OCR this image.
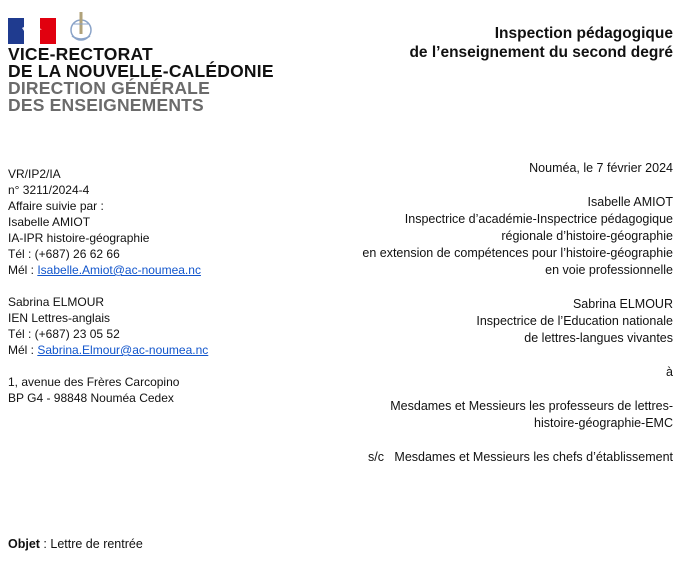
VICE-RECTORAT
DE LA NOUVELLE-CALÉDONIE
DIRECTION GÉNÉRALE
DES ENSEIGNEMENTS
Inspection pédagogique
de l’enseignement du second degré
VR/IP2/IA
n° 3211/2024-4
Affaire suivie par :
Isabelle AMIOT
IA-IPR histoire-géographie
Tél : (+687) 26 62 66
Mél : Isabelle.Amiot@ac-noumea.nc
Sabrina ELMOUR
IEN Lettres-anglais
Tél : (+687) 23 05 52
Mél : Sabrina.Elmour@ac-noumea.nc
1, avenue des Frères Carcopino
BP G4 - 98848 Nouméa Cedex
Nouméa, le 7 février 2024
Isabelle AMIOT
Inspectrice d’académie-Inspectrice pédagogique
régionale d’histoire-géographie
en extension de compétences pour l’histoire-géographie
en voie professionnelle
Sabrina ELMOUR
Inspectrice de l’Education nationale
de lettres-langues vivantes
à
Mesdames et Messieurs les professeurs de lettres-
histoire-géographie-EMC
s/c   Mesdames et Messieurs les chefs d’établissement
Objet : Lettre de rentrée
